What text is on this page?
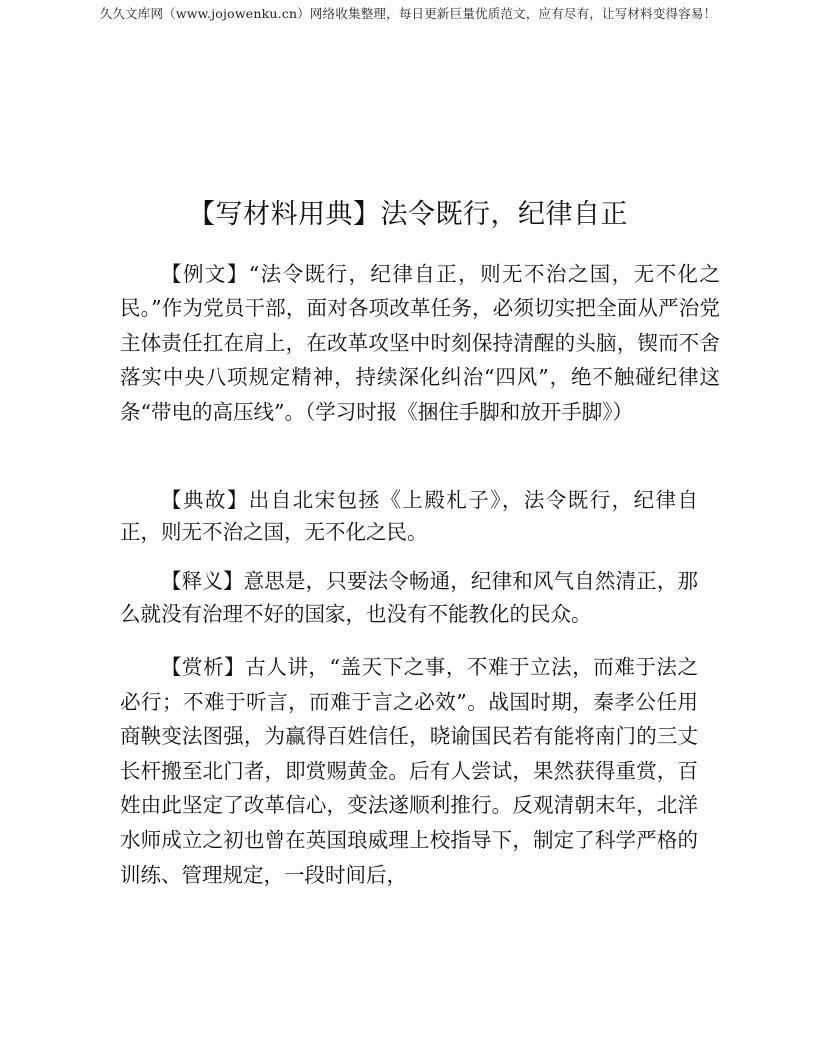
久久文库网（www.jojowenku.cn）网络收集整理，每日更新巨量优质范文，应有尽有，让写材料变得容易！
【写材料用典】法令既行，纪律自正

【例文】“法令既行，纪律自正，则无不治之国，无不化之民。”作为党员干部，面对各项改革任务，必须切实把全面从严治党主体责任扛在肩上，在改革攻坚中时刻保持清醒的头脑，锲而不舍落实中央八项规定精神，持续深化纠治“四风”，绝不触碰纪律这条“带电的高压线”。（学习时报《捆住手脚和放开手脚》）

【典故】出自北宋包拯《上殿札子》，法令既行，纪律自正，则无不治之国，无不化之民。

【释义】意思是，只要法令畅通，纪律和风气自然清正，那么就没有治理不好的国家，也没有不能教化的民众。

【赏析】古人讲，“盖天下之事，不难于立法，而难于法之必行；不难于听言，而难于言之必效”。战国时期，秦孝公任用商鞅变法图强，为赢得百姓信任，晓谕国民若有能将南门的三丈长杆搬至北门者，即赏赐黄金。后有人尝试，果然获得重赏，百姓由此坚定了改革信心，变法遂顺利推行。反观清朝末年，北洋水师成立之初也曾在英国琅威理上校指导下，制定了科学严格的训练、管理规定，一段时间后，
